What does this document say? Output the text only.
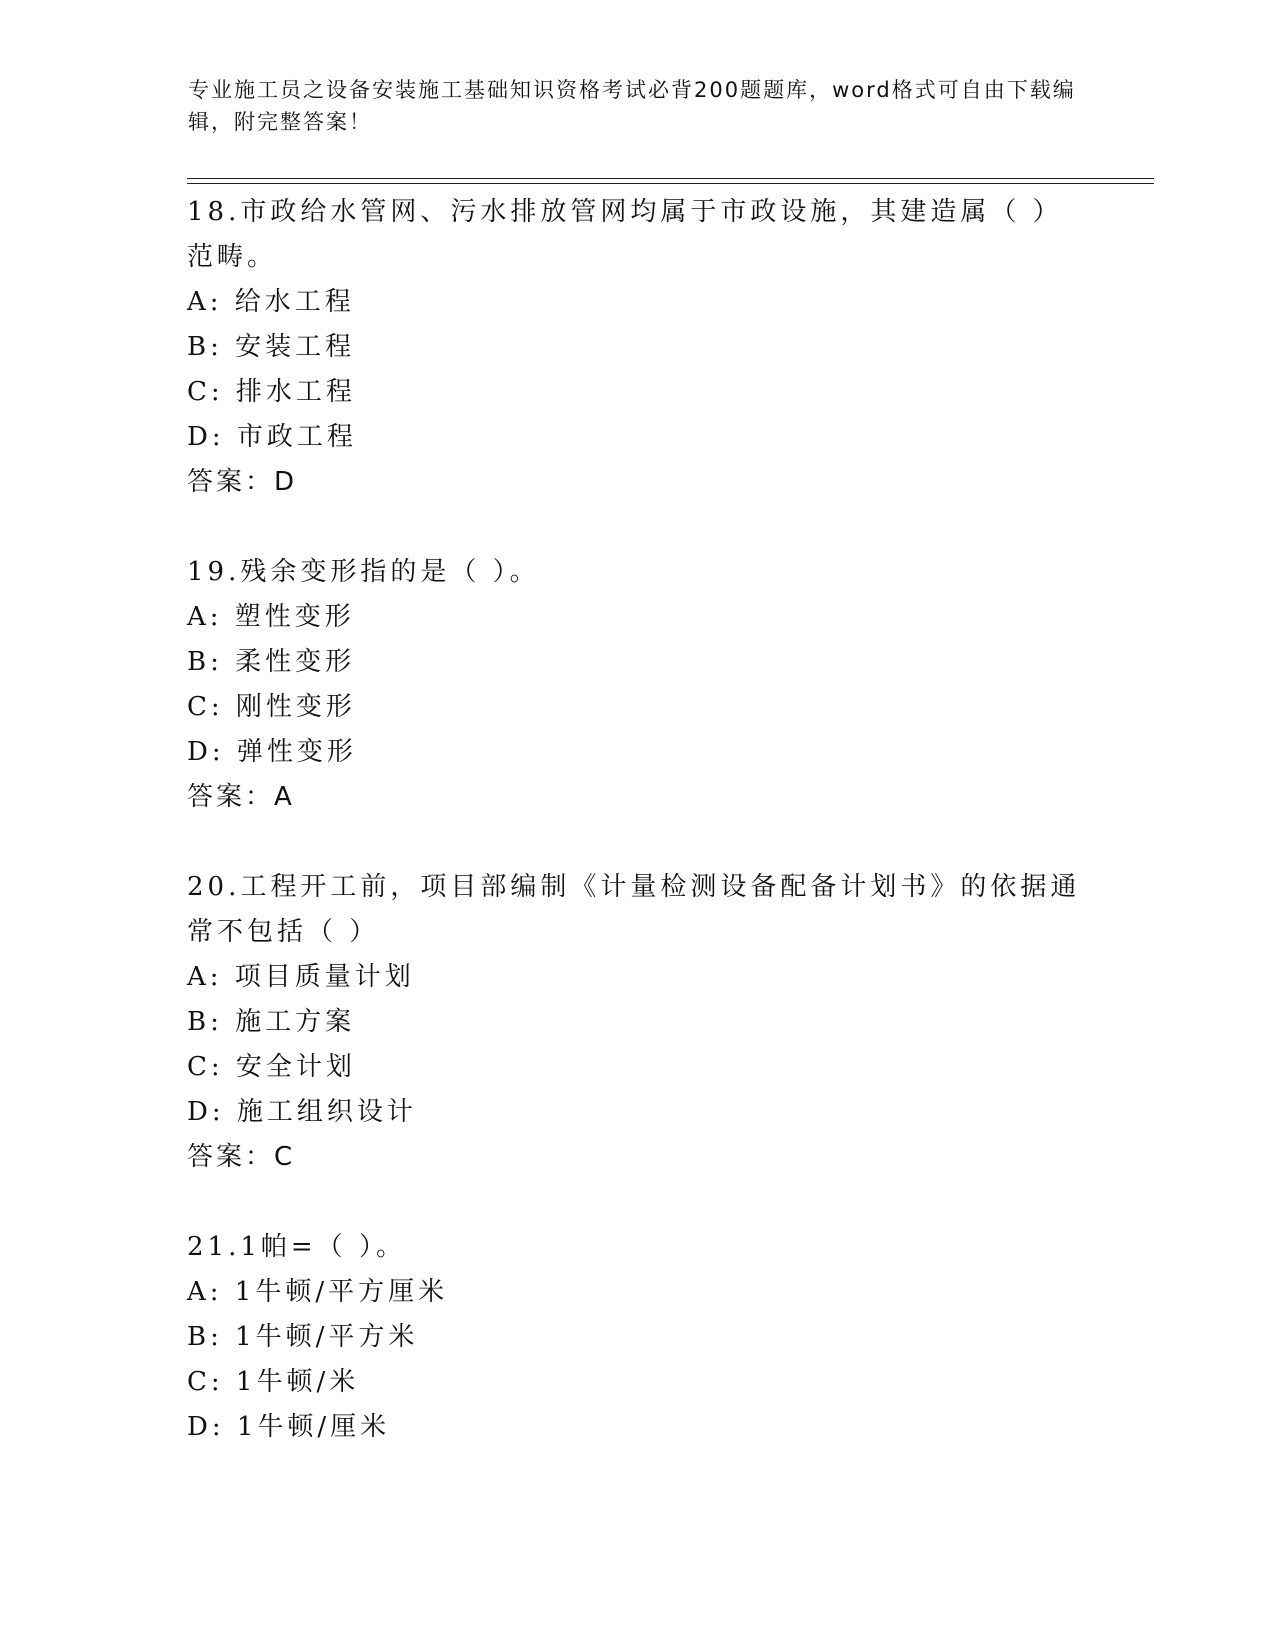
专业施工员之设备安装施工基础知识资格考试必背200题题库，word格式可自由下载编辑，附完整答案！
18.市政给水管网、污水排放管网均属于市政设施，其建造属（ ）范畴。
A: 给水工程
B: 安装工程
C: 排水工程
D: 市政工程
答案：D
19.残余变形指的是（ ）。
A: 塑性变形
B: 柔性变形
C: 刚性变形
D: 弹性变形
答案：A
20.工程开工前，项目部编制《计量检测设备配备计划书》的依据通常不包括（ ）
A: 项目质量计划
B: 施工方案
C: 安全计划
D: 施工组织设计
答案：C
21.1帕=（ ）。
A: 1牛顿/平方厘米
B: 1牛顿/平方米
C: 1牛顿/米
D: 1牛顿/厘米
